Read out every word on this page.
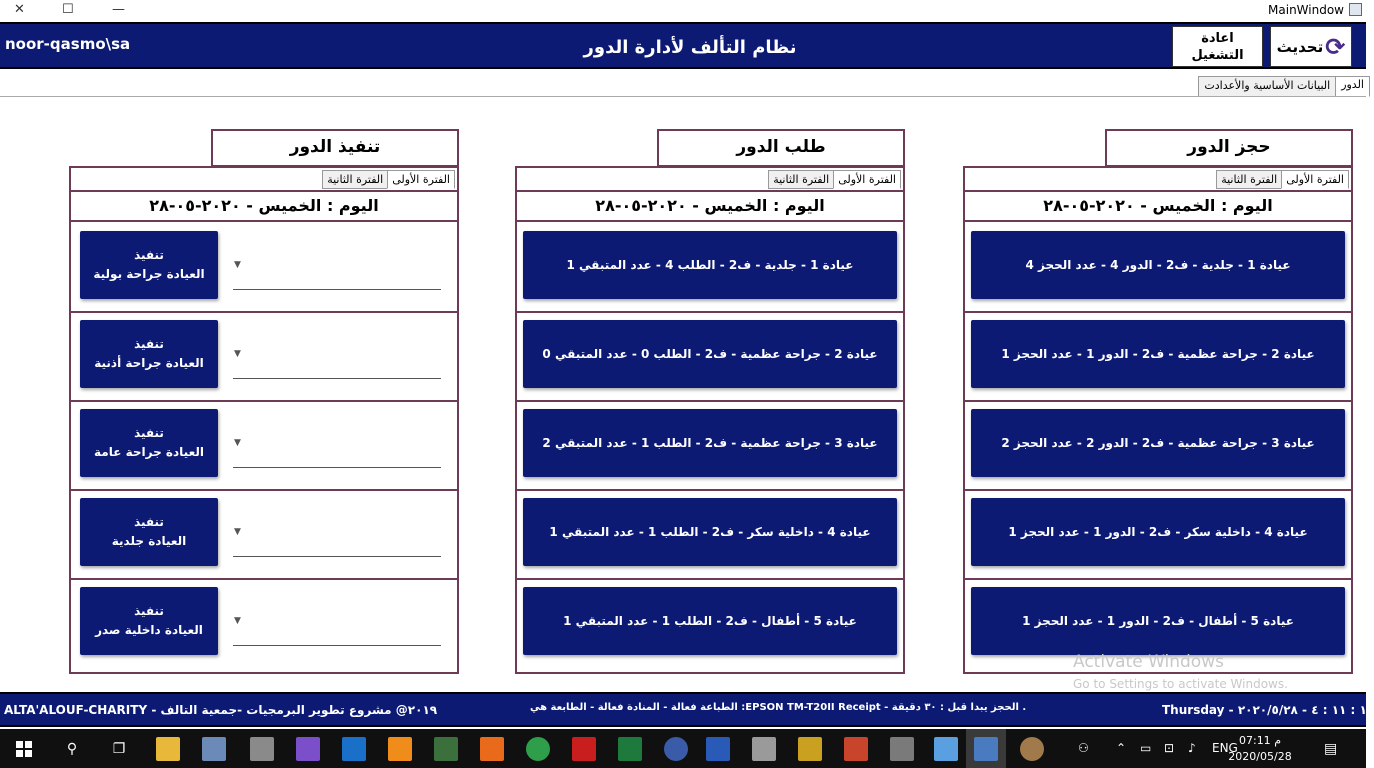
✕	☐	—	MainWindow
noor-qasmo\sa	نظام التألف لأدارة الدور	اعادة
التشغيل تحديث ⟳
الدور
البيانات الأساسية والأعدادت
تنفيذ الدور
الفترة الأولى
الفترة الثانية
اليوم : الخميس - ٢٠٢٠-٠٥-٢٨
تنفيذ
العيادة جراحة بولية
▼
تنفيذ
العيادة جراحة أذنية
▼
تنفيذ
العيادة جراحة عامة
▼
تنفيذ
العيادة جلدية
▼
تنفيذ
العيادة داخلية صدر
▼
طلب الدور
الفترة الأولى
الفترة الثانية
اليوم : الخميس - ٢٠٢٠-٠٥-٢٨
عيادة 1 - جلدية - ف2 - الطلب 4 - عدد المتبقي 1
عيادة 2 - جراحة عظمية - ف2 - الطلب 0 - عدد المتبقي 0
عيادة 3 - جراحة عظمية - ف2 - الطلب 1 - عدد المتبقي 2
عيادة 4 - داخلية سكر - ف2 - الطلب 1 - عدد المتبقي 1
عيادة 5 - أطفال - ف2 - الطلب 1 - عدد المتبقي 1
حجز الدور
الفترة الأولى
الفترة الثانية
اليوم : الخميس - ٢٠٢٠-٠٥-٢٨
عيادة 1 - جلدية - ف2 - الدور 4 - عدد الحجز 4
عيادة 2 - جراحة عظمية - ف2 - الدور 1 - عدد الحجز 1
عيادة 3 - جراحة عظمية - ف2 - الدور 2 - عدد الحجز 2
عيادة 4 - داخلية سكر - ف2 - الدور 1 - عدد الحجز 1
عيادة 5 - أطفال - ف2 - الدور 1 - عدد الحجز 1
Activate Windows
Go to Settings to activate Windows.
ALTA'ALOUF-CHARITY - ٢٠١٩@ مشروع تطوير البرمجيات -جمعية التالف	الطباعة فعالة - المنادة فعالة - الطابعة هي :EPSON TM-T20II Receipt - الحجز يبدا قبل : ٣٠ دقيقة .	Thursday - ١٩ : ١١ : ٤ - ٢٠٢٠/٥/٢٨
⚲	❐	⚇ ⌃ ▭ ⊡ ♪ ENG
م 07:11
2020/05/28 ▤
